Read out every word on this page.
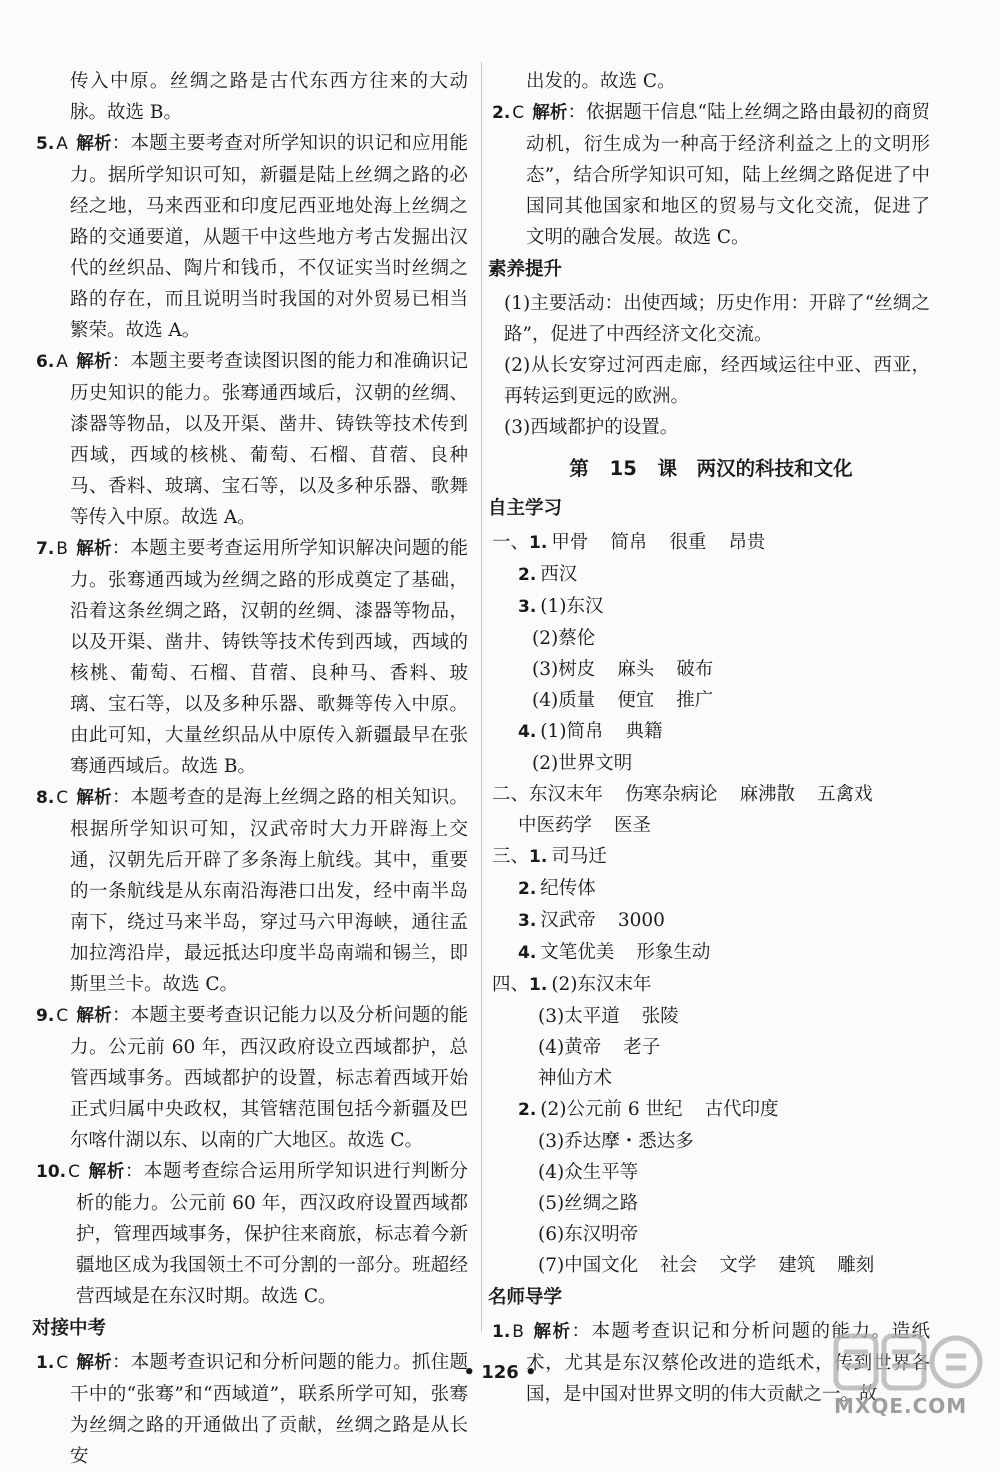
传入中原。丝绸之路是古代东西方往来的大动脉。故选 B。

5. A 解析：本题主要考查对所学知识的识记和应用能力。据所学知识可知，新疆是陆上丝绸之路的必经之地，马来西亚和印度尼西亚地处海上丝绸之路的交通要道，从题干中这些地方考古发掘出汉代的丝织品、陶片和钱币，不仅证实当时丝绸之路的存在，而且说明当时我国的对外贸易已相当繁荣。故选 A。

6. A 解析：本题主要考查读图识图的能力和准确识记历史知识的能力。张骞通西域后，汉朝的丝绸、漆器等物品，以及开渠、凿井、铸铁等技术传到西域，西域的核桃、葡萄、石榴、苜蓿、良种马、香料、玻璃、宝石等，以及多种乐器、歌舞等传入中原。故选 A。

7. B 解析：本题主要考查运用所学知识解决问题的能力。张骞通西域为丝绸之路的形成奠定了基础，沿着这条丝绸之路，汉朝的丝绸、漆器等物品，以及开渠、凿井、铸铁等技术传到西域，西域的核桃、葡萄、石榴、苜蓿、良种马、香料、玻璃、宝石等，以及多种乐器、歌舞等传入中原。由此可知，大量丝织品从中原传入新疆最早在张骞通西域后。故选 B。

8. C 解析：本题考查的是海上丝绸之路的相关知识。根据所学知识可知，汉武帝时大力开辟海上交通，汉朝先后开辟了多条海上航线。其中，重要的一条航线是从东南沿海港口出发，经中南半岛南下，绕过马来半岛，穿过马六甲海峡，通往孟加拉湾沿岸，最远抵达印度半岛南端和锡兰，即斯里兰卡。故选 C。

9. C 解析：本题主要考查识记能力以及分析问题的能力。公元前 60 年，西汉政府设立西域都护，总管西域事务。西域都护的设置，标志着西域开始正式归属中央政权，其管辖范围包括今新疆及巴尔喀什湖以东、以南的广大地区。故选 C。

10. C 解析：本题考查综合运用所学知识进行判断分析的能力。公元前 60 年，西汉政府设置西域都护，管理西域事务，保护往来商旅，标志着今新疆地区成为我国领土不可分割的一部分。班超经营西域是在东汉时期。故选 C。

对接中考

1. C 解析：本题考查识记和分析问题的能力。抓住题干中的“张骞”和“西域道”，联系所学可知，张骞为丝绸之路的开通做出了贡献，丝绸之路是从长安

出发的。故选 C。

2. C 解析：依据题干信息“陆上丝绸之路由最初的商贸动机，衍生成为一种高于经济利益之上的文明形态”，结合所学知识可知，陆上丝绸之路促进了中国同其他国家和地区的贸易与文化交流，促进了文明的融合发展。故选 C。

素养提升

(1)主要活动：出使西域；历史作用：开辟了“丝绸之路”，促进了中西经济文化交流。

(2)从长安穿过河西走廊，经西域运往中亚、西亚，再转运到更远的欧洲。

(3)西域都护的设置。

第 15 课　两汉的科技和文化
自主学习

一、1. 甲骨 简帛 很重 昂贵

2. 西汉

3. (1)东汉

(2)蔡伦

(3)树皮 麻头 破布

(4)质量 便宜 推广

4. (1)简帛 典籍

(2)世界文明

二、东汉末年 伤寒杂病论 麻沸散 五禽戏

中医药学 医圣

三、1. 司马迁

2. 纪传体

3. 汉武帝 3000

4. 文笔优美 形象生动

四、1. (2)东汉末年

(3)太平道 张陵

(4)黄帝 老子

神仙方术

2. (2)公元前 6 世纪 古代印度

(3)乔达摩・悉达多

(4)众生平等

(5)丝绸之路

(6)东汉明帝

(7)中国文化 社会 文学 建筑 雕刻

名师导学

1. B 解析：本题考查识记和分析问题的能力。造纸术，尤其是东汉蔡伦改进的造纸术，传到世界各国，是中国对世界文明的伟大贡献之一。故

• 126 •
MXQE.COM
